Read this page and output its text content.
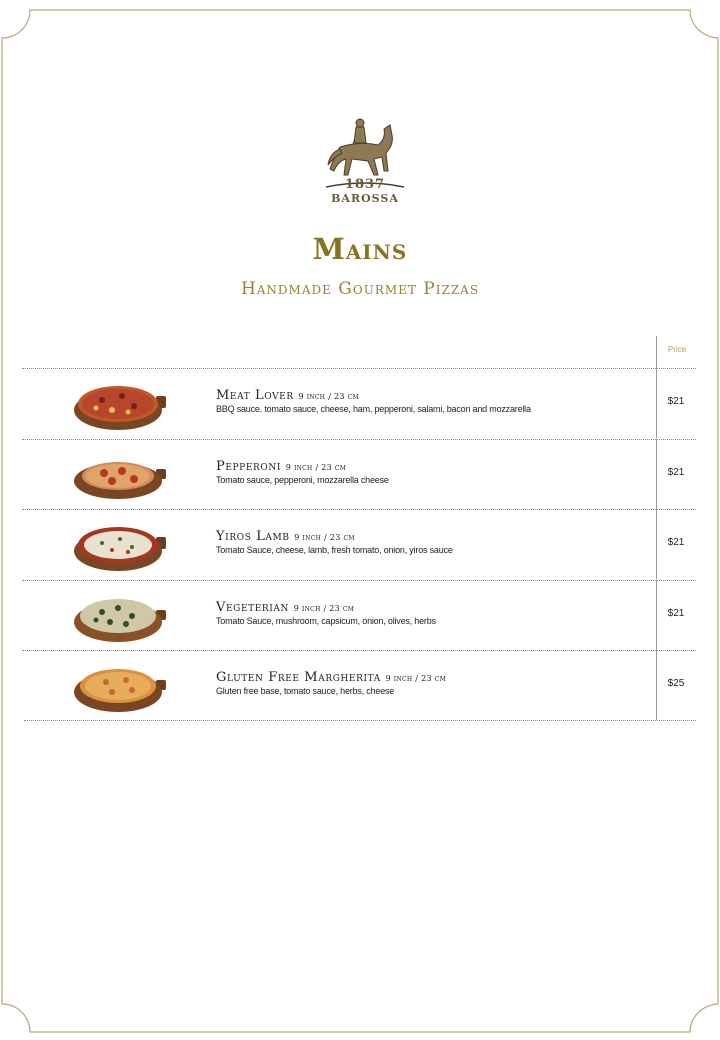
1837
BAROSSA
Mains
Handmade Gourmet Pizzas
Price
Meat Lover 9 inch / 23 cm
BBQ sauce. tomato sauce, cheese, ham, pepperoni, salami, bacon and mozzarella
$21
Pepperoni 9 inch / 23 cm
Tomato sauce, pepperoni, mozzarella cheese
$21
Yiros Lamb 9 inch / 23 cm
Tomato Sauce, cheese, lamb, fresh tomato, onion, yiros sauce
$21
Vegeterian 9 inch / 23 cm
Tomato Sauce, mushroom, capsicum, onion, olives, herbs
$21
Gluten Free Margherita 9 inch / 23 cm
Gluten free base, tomato sauce, herbs, cheese
$25
